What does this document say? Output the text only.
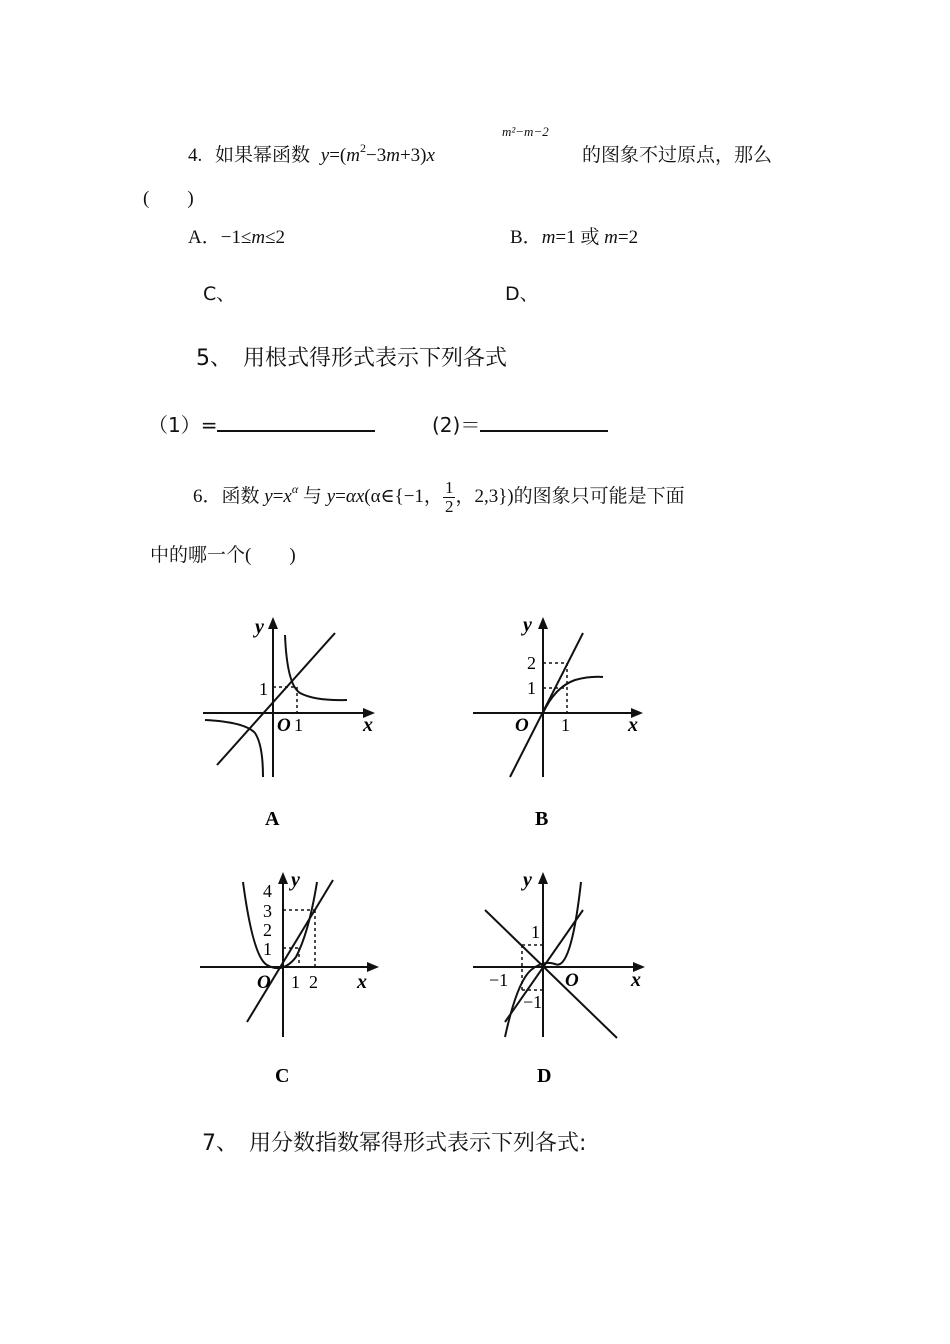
4. 如果幂函数 $y=(m^2-3m+3)x$
m²−m−2
的图象不过原点，那么
(　　)
A．−1≤m≤2	B．m=1 或 m=2
C、	D、
5、　用根式得形式表示下列各式
（1）=	(2)＝
6．函数 $y=x^\alpha$ 与 y=αx(α∈{−1， $\frac{1}{2}$ ，2,3})的图象只可能是下面
中的哪一个(　　)
y
x
O 1
1
A
y
x
O 1
2
1
B
y
x
O 1 2
4
3
2
1
C
y
x
O
−1
1
−1
D
7、　用分数指数幂得形式表示下列各式:
